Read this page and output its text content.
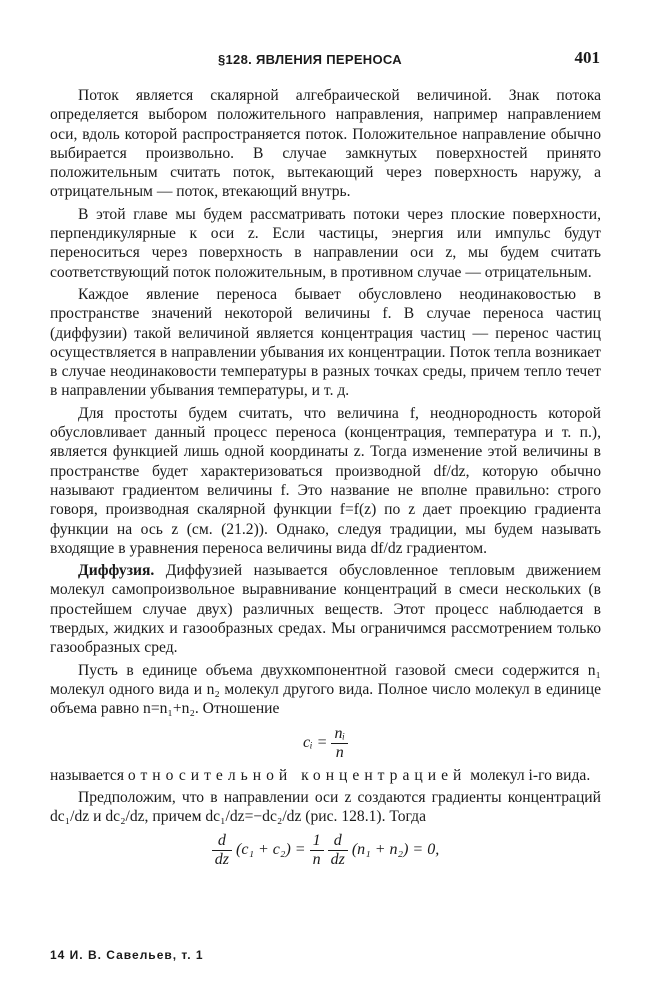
§128. ЯВЛЕНИЯ ПЕРЕНОСА	401

Поток является скалярной алгебраической величиной. Знак потока определяется выбором положительного направления, например направлением оси, вдоль которой распространяется поток. Положительное направление обычно выбирается произвольно. В случае замкнутых поверхностей принято положительным считать поток, вытекающий через поверхность наружу, а отрицательным — поток, втекающий внутрь.

В этой главе мы будем рассматривать потоки через плоские поверхности, перпендикулярные к оси z. Если частицы, энергия или импульс будут переноситься через поверхность в направлении оси z, мы будем считать соответствующий поток положительным, в противном случае — отрицательным.

Каждое явление переноса бывает обусловлено неодинаковостью в пространстве значений некоторой величины f. В случае переноса частиц (диффузии) такой величиной является концентрация частиц — перенос частиц осуществляется в направлении убывания их концентрации. Поток тепла возникает в случае неодинаковости температуры в разных точках среды, причем тепло течет в направлении убывания температуры, и т. д.

Для простоты будем считать, что величина f, неоднородность которой обусловливает данный процесс переноса (концентрация, температура и т. п.), является функцией лишь одной координаты z. Тогда изменение этой величины в пространстве будет характеризоваться производной df/dz, которую обычно называют градиентом величины f. Это название не вполне правильно: строго говоря, производная скалярной функции f=f(z) по z дает проекцию градиента функции на ось z (см. (21.2)). Однако, следуя традиции, мы будем называть входящие в уравнения переноса величины вида df/dz градиентом.

Диффузия. Диффузией называется обусловленное тепловым движением молекул самопроизвольное выравнивание концентраций в смеси нескольких (в простейшем случае двух) различных веществ. Этот процесс наблюдается в твердых, жидких и газообразных средах. Мы ограничимся рассмотрением только газообразных сред.

Пусть в единице объема двухкомпонентной газовой смеси содержится n₁ молекул одного вида и n₂ молекул другого вида. Полное число молекул в единице объема равно n=n₁+n₂. Отношение

cᵢ = $\frac{\text{nᵢ}}{n}$

называется относительной концентрацией молекул i-го вида.

Предположим, что в направлении оси z создаются градиенты концентраций dc₁/dz и dc₂/dz, причем dc₁/dz=−dc₂/dz (рис. 128.1). Тогда

$\frac{d}{dz} (c_1 + c_2) = \frac{1}{n}$
$\frac{d}{dz} (n_1 + n_2) = 0$,
14 И. В. Савельев, т. 1
